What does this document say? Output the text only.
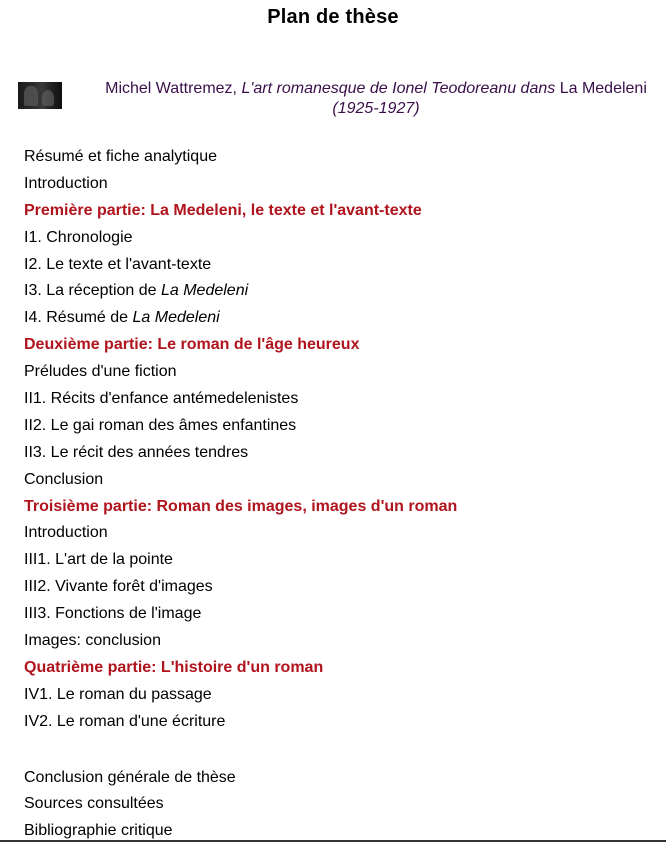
Plan de thèse
Michel Wattremez, L'art romanesque de Ionel Teodoreanu dans La Medeleni (1925-1927)
Résumé et fiche analytique
Introduction
Première partie: La Medeleni, le texte et l'avant-texte
I1. Chronologie
I2. Le texte et l'avant-texte
I3. La réception de La Medeleni
I4. Résumé de La Medeleni
Deuxième partie: Le roman de l'âge heureux
Préludes d'une fiction
II1. Récits d'enfance antémedelenistes
II2. Le gai roman des âmes enfantines
II3. Le récit des années tendres
Conclusion
Troisième partie: Roman des images, images d'un roman
Introduction
III1. L'art de la pointe
III2. Vivante forêt d'images
III3. Fonctions de l'image
Images: conclusion
Quatrième partie: L'histoire d'un roman
IV1. Le roman du passage
IV2. Le roman d'une écriture
Conclusion générale de thèse
Sources consultées
Bibliographie critique
